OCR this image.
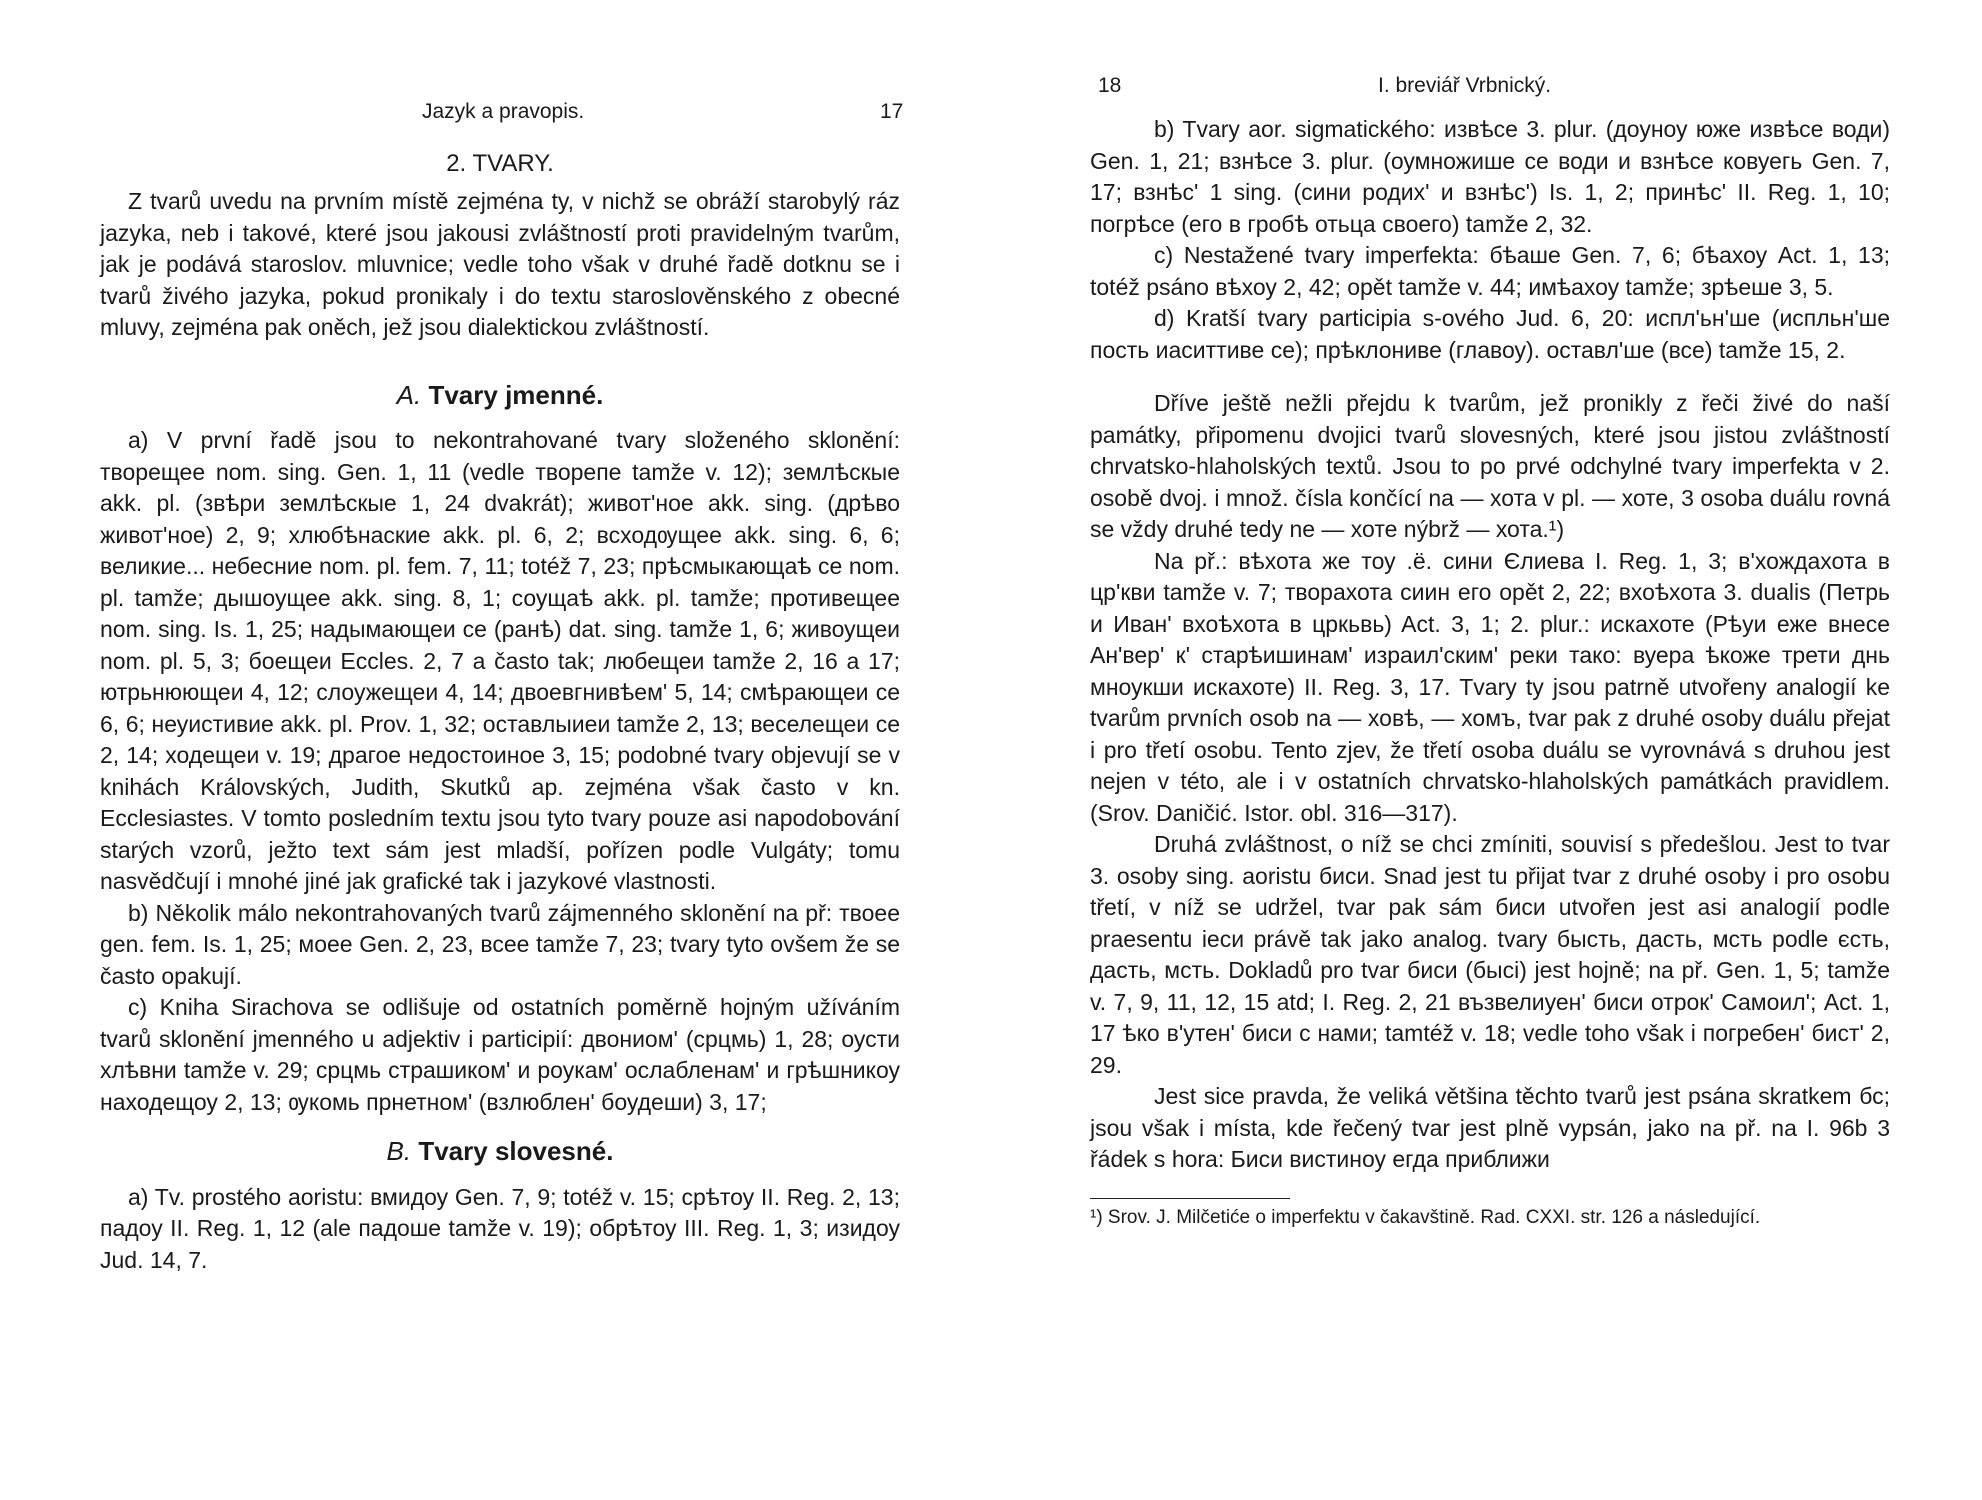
Jazyk a pravopis.	17
2. TVARY.

Z tvarů uvedu na prvním místě zejména ty, v nichž se obráží starobylý ráz jazyka, neb i takové, které jsou jakousi zvláštností proti pravidelným tvarům, jak je podává staroslov. mluvnice; vedle toho však v druhé řadě dotknu se i tvarů živého jazyka, pokud pronikaly i do textu staroslověnského z obecné mluvy, zejména pak oněch, jež jsou dialektickou zvláštností.

A. Tvary jmenné.

a) V první řadě jsou to nekontrahované tvary složeného sklonění: творещее nom. sing. Gen. 1, 11 (vedle творепе tamže v. 12); землѣскые akk. pl. (звѣри землѣскые 1, 24 dvakrát); живот'ное akk. sing. (дрѣво живот'ное) 2, 9; хлюбѣнаские akk. pl. 6, 2; всходѹщее akk. sing. 6, 6; великие... небесние nom. pl. fem. 7, 11; totéž 7, 23; прѣсмыкающаѣ се nom. pl. tamže; дышоущее akk. sing. 8, 1; соущаѣ akk. pl. tamže; противещее nom. sing. Is. 1, 25; надымающеи се (ранѣ) dat. sing. tamže 1, 6; живоущеи nom. pl. 5, 3; боещеи Eccles. 2, 7 a často tak; любещеи tamže 2, 16 a 17; ютрьнюющеи 4, 12; слоужещеи 4, 14; двоевгнивѣем' 5, 14; смѣрающеи се 6, 6; неуистивие akk. pl. Prov. 1, 32; оставлыиеи tamže 2, 13; веселещеи се 2, 14; ходещеи v. 19; драгое недостоиное 3, 15; podobné tvary objevují se v knihách Královských, Judith, Skutků ap. zejména však často v kn. Ecclesiastes. V tomto posledním textu jsou tyto tvary pouze asi napodobování starých vzorů, ježto text sám jest mladší, pořízen podle Vulgáty; tomu nasvědčují i mnohé jiné jak grafické tak i jazykové vlastnosti.

b) Několik málo nekontrahovaných tvarů zájmenného sklonění na př: твоее gen. fem. Is. 1, 25; моее Gen. 2, 23, всее tamže 7, 23; tvary tyto ovšem že se často opakují.

c) Kniha Sirachova se odlišuje od ostatních poměrně hojným užíváním tvarů sklonění jmenného u adjektiv i participií: двониом' (срцмь) 1, 28; оусти хлѣвни tamže v. 29; срцмь страшиком' и роукам' ослабленам' и грѣшникоу находещоу 2, 13; ѹкомь прнетном' (взлюблен' боудеши) 3, 17;

B. Tvary slovesné.

a) Tv. prostého aoristu: вмидоу Gen. 7, 9; totéž v. 15; срѣтоу II. Reg. 2, 13; падоу II. Reg. 1, 12 (ale падоше tamže v. 19); обрѣтоу III. Reg. 1, 3; изидоу Jud. 14, 7.

18	I. breviář Vrbnický.

b) Tvary aor. sigmatického: извѣсе 3. plur. (доуноу юже извѣсе води) Gen. 1, 21; взнѣсе 3. plur. (оумножише се води и взнѣсе ковуегь Gen. 7, 17; взнѣс' 1 sing. (сини родих' и взнѣс') Is. 1, 2; принѣс' II. Reg. 1, 10; погрѣсе (его в гробѣ отьца своего) tamže 2, 32.

c) Nestažené tvary imperfekta: бѣаше Gen. 7, 6; бѣахоу Act. 1, 13; totéž psáno вѣхоу 2, 42; opět tamže v. 44; имѣахоу tamže; зрѣеше 3, 5.

d) Kratší tvary participia s-ového Jud. 6, 20: испл'ьн'ше (испльн'ше пость иаситтиве се); прѣклониве (главоу). оставл'ше (все) tamže 15, 2.

Dříve ještě nežli přejdu k tvarům, jež pronikly z řeči živé do naší památky, připomenu dvojici tvarů slovesných, které jsou jistou zvláštností chrvatsko-hlaholských textů. Jsou to po prvé odchylné tvary imperfekta v 2. osobě dvoj. i množ. čísla končící na — хота v pl. — хоте, 3 osoba duálu rovná se vždy druhé tedy ne — хоте nýbrž — хота.¹)

Na př.: вѣхота же тоу .ё. сини Єлиева I. Reg. 1, 3; в'хождахота в цр'кви tamže v. 7; творахота сиин его opět 2, 22; вхоѣхота 3. dualis (Петрь и Иван' вхоѣхота в цркьвь) Act. 3, 1; 2. plur.: искахоте (Рѣуи еже внесе Ан'вер' к' старѣишинам' израил'ским' реки тако: вуера ѣкоже трети днь мноукши искахоте) II. Reg. 3, 17. Tvary ty jsou patrně utvořeny analogií ke tvarům prvních osob na — ховѣ, — хомъ, tvar pak z druhé osoby duálu přejat i pro třetí osobu. Tento zjev, že třetí osoba duálu se vyrovnává s druhou jest nejen v této, ale i v ostatních chrvatsko-hlaholských památkách pravidlem. (Srov. Daničić. Istor. obl. 316—317).

Druhá zvláštnost, o níž se chci zmíniti, souvisí s předešlou. Jest to tvar 3. osoby sing. aoristu биси. Snad jest tu přijat tvar z druhé osoby i pro osobu třetí, v níž se udržel, tvar pak sám биси utvořen jest asi analogií podle praesentu іеси právě tak jako analog. tvary бысть, дасть, мсть podle єсть, дасть, мсть. Dokladů pro tvar биси (бысі) jest hojně; na př. Gen. 1, 5; tamže v. 7, 9, 11, 12, 15 atd; I. Reg. 2, 21 възвелиуен' биси отрок' Самоил'; Act. 1, 17 ѣко в'утен' биси с нами; tamtéž v. 18; vedle toho však i погребен' бист' 2, 29.

Jest sice pravda, že veliká většina těchto tvarů jest psána skratkem бс; jsou však i místa, kde řečený tvar jest plně vypsán, jako na př. na I. 96b 3 řádek s hora: Биси вистиноу егда приближи

¹) Srov. J. Milčetiće o imperfektu v čakavštině. Rad. CXXI. str. 126 a následující.
